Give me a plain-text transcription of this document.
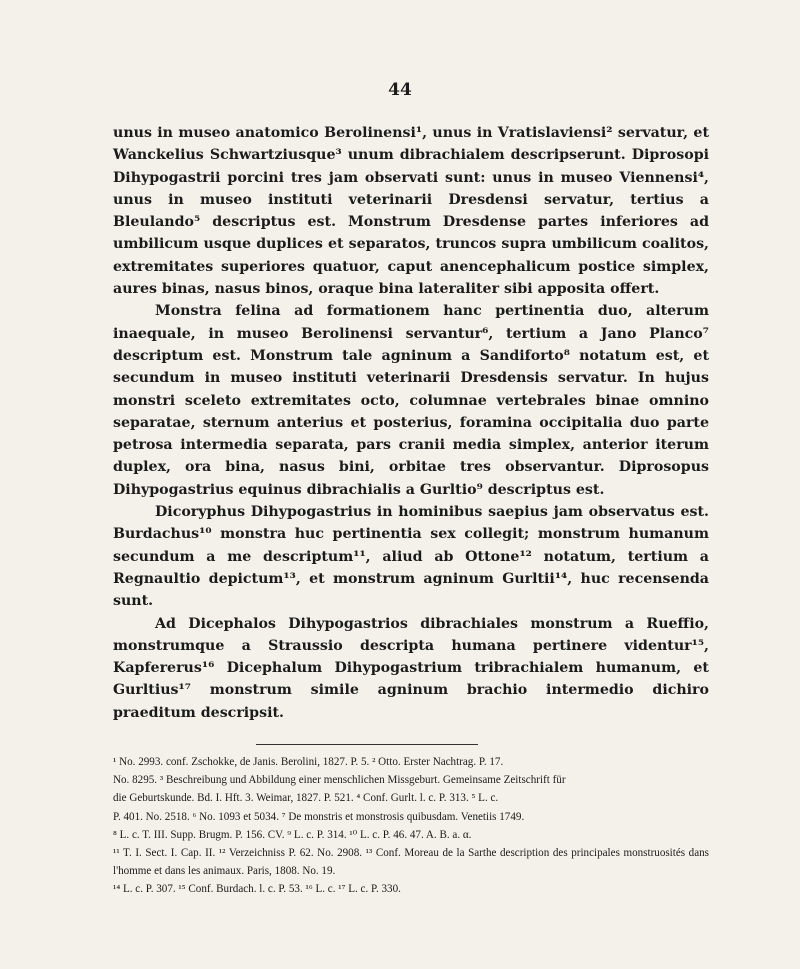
44

unus in museo anatomico Berolinensi¹, unus in Vratislaviensi² servatur, et Wanckelius Schwartziusque³ unum dibrachialem descripserunt. Diprosopi Dihypogastrii porcini tres jam observati sunt: unus in museo Viennensi⁴, unus in museo instituti veterinarii Dresdensi servatur, tertius a Bleulando⁵ descriptus est. Monstrum Dresdense partes inferiores ad umbilicum usque duplices et separatos, truncos supra umbilicum coalitos, extremitates superiores quatuor, caput anencephalicum postice simplex, aures binas, nasus binos, oraque bina lateraliter sibi apposita offert.

Monstra felina ad formationem hanc pertinentia duo, alterum inaequale, in museo Berolinensi servantur⁶, tertium a Jano Planco⁷ descriptum est. Monstrum tale agninum a Sandiforto⁸ notatum est, et secundum in museo instituti veterinarii Dresdensis servatur. In hujus monstri sceleto extremitates octo, columnae vertebrales binae omnino separatae, sternum anterius et posterius, foramina occipitalia duo parte petrosa intermedia separata, pars cranii media simplex, anterior iterum duplex, ora bina, nasus bini, orbitae tres observantur. Diprosopus Dihypogastrius equinus dibrachialis a Gurltio⁹ descriptus est.

Dicoryphus Dihypogastrius in hominibus saepius jam observatus est. Burdachus¹⁰ monstra huc pertinentia sex collegit; monstrum humanum secundum a me descriptum¹¹, aliud ab Ottone¹² notatum, tertium a Regnaultio depictum¹³, et monstrum agninum Gurltii¹⁴, huc recensenda sunt.

Ad Dicephalos Dihypogastrios dibrachiales monstrum a Rueffio, monstrumque a Straussio descripta humana pertinere videntur¹⁵, Kapfererus¹⁶ Dicephalum Dihypogastrium tribrachialem humanum, et Gurltius¹⁷ monstrum simile agninum brachio intermedio dichiro praeditum descripsit.

¹ No. 2993. conf. Zschokke, de Janis. Berolini, 1827. P. 5. ² Otto. Erster Nachtrag. P. 17.

No. 8295. ³ Beschreibung und Abbildung einer menschlichen Missgeburt. Gemeinsame Zeitschrift für

die Geburtskunde. Bd. I. Hft. 3. Weimar, 1827. P. 521. ⁴ Conf. Gurlt. l. c. P. 313. ⁵ L. c.

P. 401. No. 2518. ⁶ No. 1093 et 5034. ⁷ De monstris et monstrosis quibusdam. Venetiis 1749.

⁸ L. c. T. III. Supp. Brugm. P. 156. CV. ⁹ L. c. P. 314. ¹⁰ L. c. P. 46. 47. A. B. a. α.

¹¹ T. I. Sect. I. Cap. II. ¹² Verzeichniss P. 62. No. 2908. ¹³ Conf. Moreau de la Sarthe description des principales monstruosités dans l'homme et dans les animaux. Paris, 1808. No. 19.

¹⁴ L. c. P. 307. ¹⁵ Conf. Burdach. l. c. P. 53. ¹⁶ L. c. ¹⁷ L. c. P. 330.
